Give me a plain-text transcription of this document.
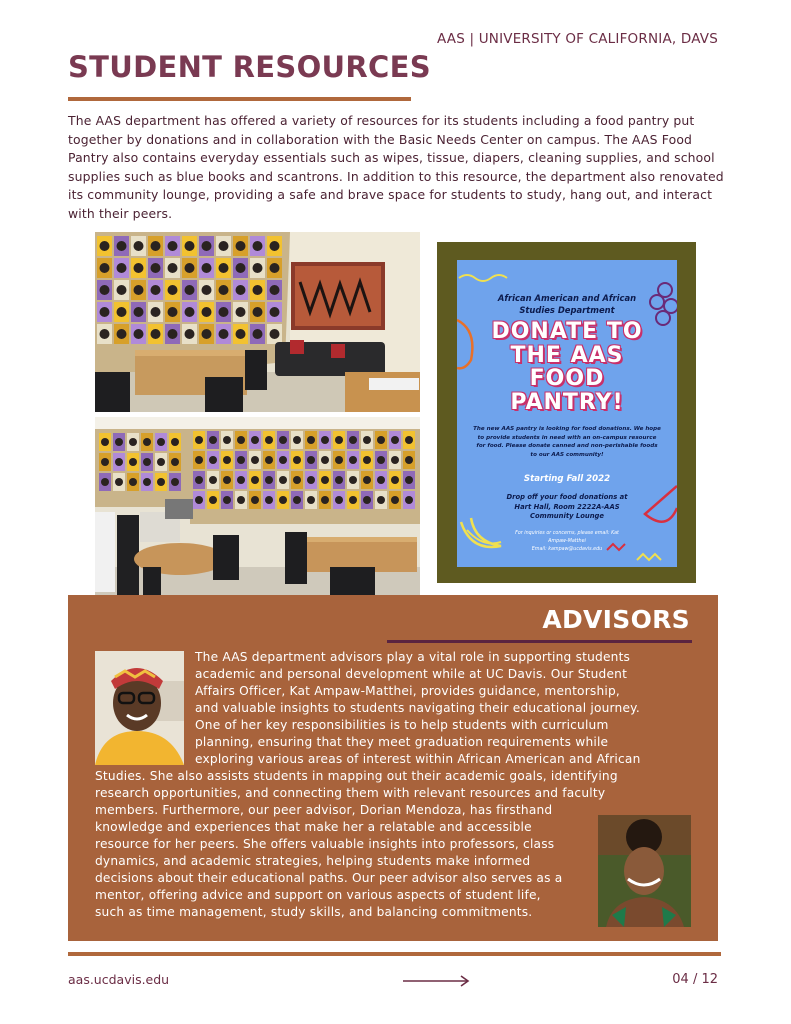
AAS | UNIVERSITY OF CALIFORNIA, DAVS
STUDENT RESOURCES
The AAS department has offered a variety of resources for its students including a food pantry put together by donations and in collaboration with the Basic Needs Center on campus. The AAS Food Pantry also contains everyday essentials such as wipes, tissue, diapers, cleaning supplies, and school supplies such as blue books and scantrons. In addition to this resource, the department also renovated its community lounge, providing a safe and brave space for students to study, hang out, and interact with their peers.
African American and African
Studies Department
DONATE TO
THE AAS
FOOD
PANTRY!
The new AAS pantry is looking for food donations. We hope to provide students in need with an on-campus resource for food. Please donate canned and non-perishable foods to our AAS community!
Starting Fall 2022
Drop off your food donations at
Hart Hall, Room 2222A-AAS
Community Lounge
For inquiries or concerns, please email: Kat
Ampaw-Matthei
Email: kampaw@ucdavis.edu
ADVISORS
The AAS department advisors play a vital role in supporting students
academic and personal development while at UC Davis. Our Student
Affairs Officer, Kat Ampaw-Matthei, provides guidance, mentorship,
and valuable insights to students navigating their educational journey.
One of her key responsibilities is to help students with curriculum
planning, ensuring that they meet graduation requirements while
exploring various areas of interest within African American and African
Studies. She also assists students in mapping out their academic goals, identifying
research opportunities, and connecting them with relevant resources and faculty
members. Furthermore, our peer advisor, Dorian Mendoza, has firsthand
knowledge and experiences that make her a relatable and accessible
resource for her peers. She offers valuable insights into professors, class
dynamics, and academic strategies, helping students make informed
decisions about their educational paths. Our peer advisor also serves as a
mentor, offering advice and support on various aspects of student life,
such as time management, study skills, and balancing commitments.
aas.ucdavis.edu	04 / 12
